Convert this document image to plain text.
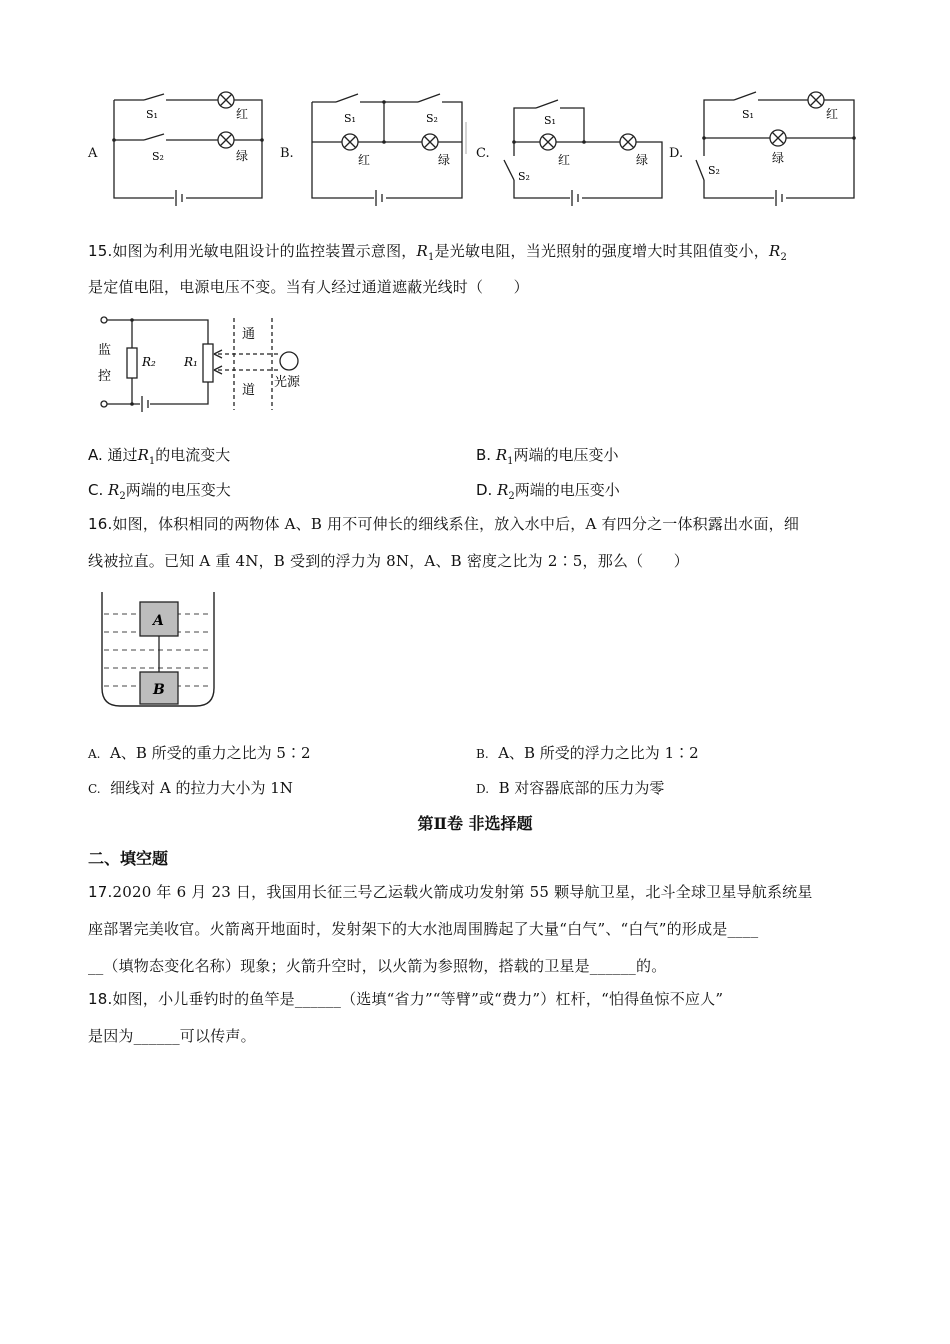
A
S₁
S₂
红
绿 B.
S₁	S₂
红	绿 C.
S₁
S₂
红	绿 D.
S₁
S₂
红
绿
15.如图为利用光敏电阻设计的监控装置示意图，$R_1$是光敏电阻，当光照射的强度增大时其阻值变小，$R_2$
是定值电阻，电源电压不变。当有人经过通道遮蔽光线时（　　）
监
控
R₂ R₁
通
道
光源
A. 通过$R_1$的电流变大	B. $R_1$两端的电压变小
C. $R_2$两端的电压变大	D. $R_2$两端的电压变小
16.如图，体积相同的两物体 A、B 用不可伸长的细线系住，放入水中后，A 有四分之一体积露出水面，细
线被拉直。已知 A 重 4N，B 受到的浮力为 8N，A、B 密度之比为 2∶5，那么（　　）
A
B
A. A、B 所受的重力之比为 5∶2	B. A、B 所受的浮力之比为 1∶2
C. 细线对 A 的拉力大小为 1N	D. B 对容器底部的压力为零
第Ⅱ卷 非选择题
二、填空题
17.2020 年 6 月 23 日，我国用长征三号乙运载火箭成功发射第 55 颗导航卫星，北斗全球卫星导航系统星
座部署完美收官。火箭离开地面时，发射架下的大水池周围腾起了大量“白气”、“白气”的形成是____
__（填物态变化名称）现象；火箭升空时，以火箭为参照物，搭载的卫星是______的。
18.如图，小儿垂钓时的鱼竿是______（选填“省力”“等臂”或“费力”）杠杆，“怕得鱼惊不应人”
是因为______可以传声。
